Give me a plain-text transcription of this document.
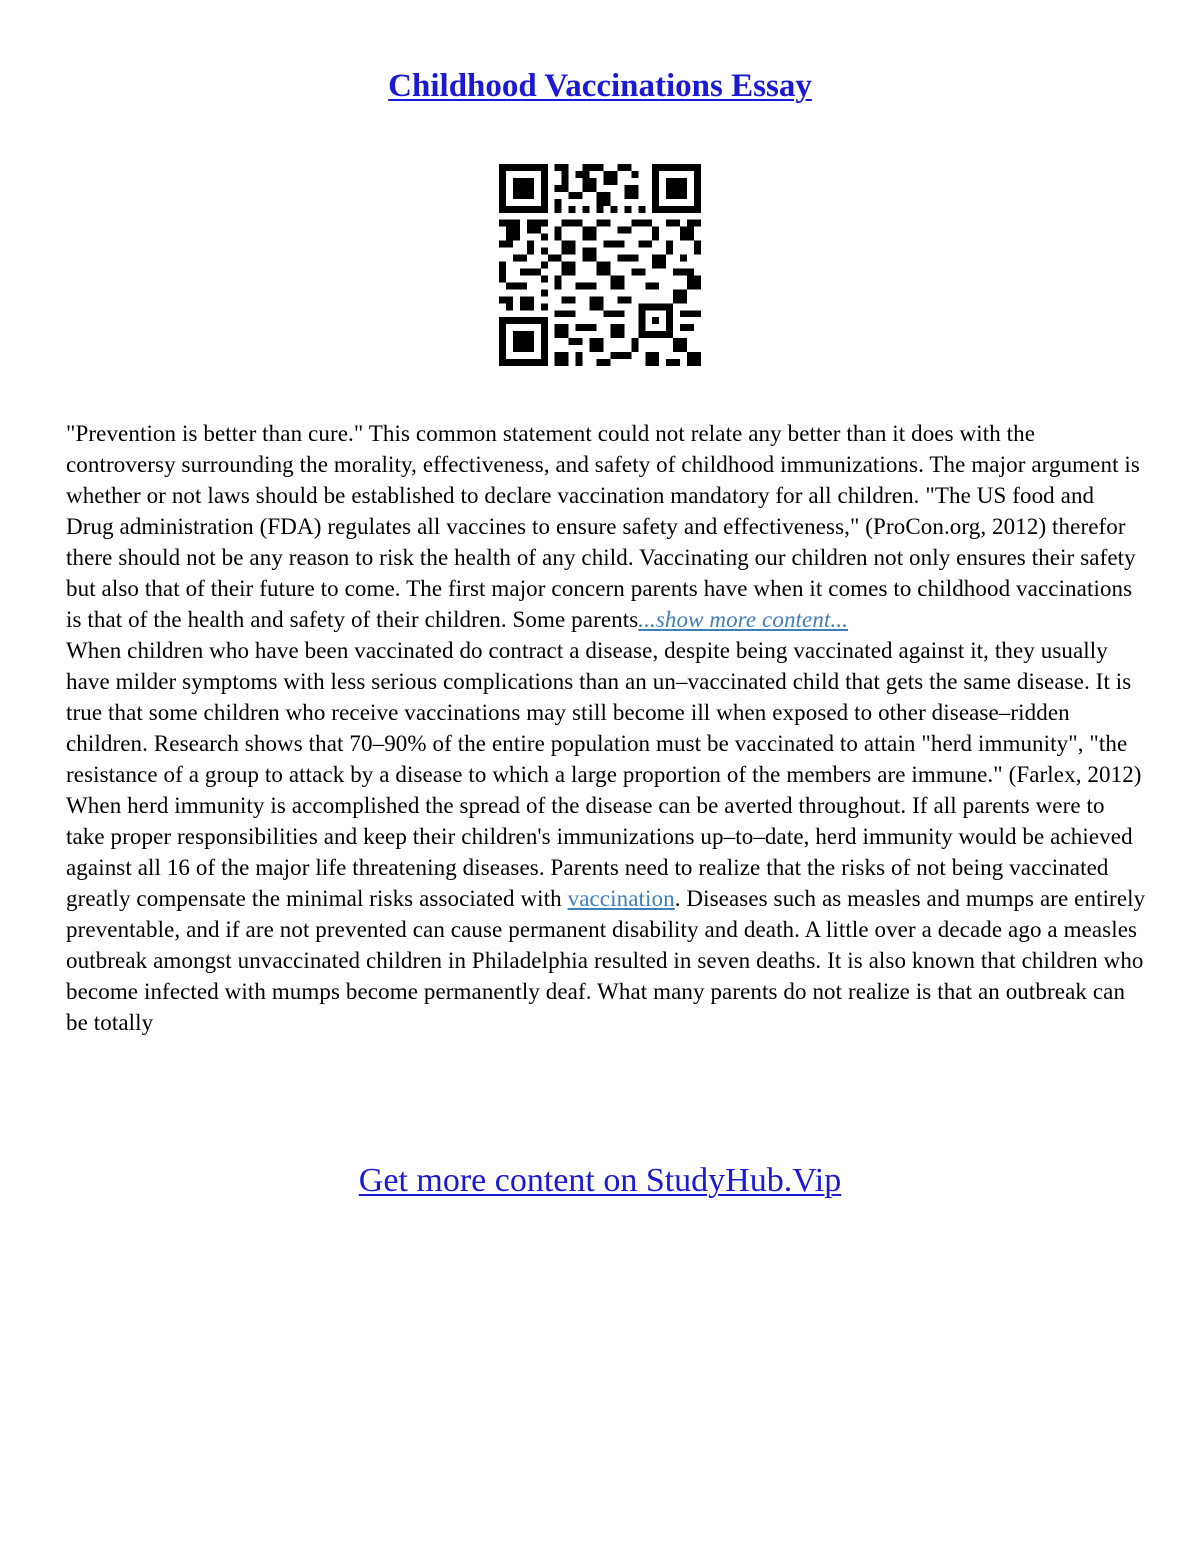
Childhood Vaccinations Essay

"Prevention is better than cure." This common statement could not relate any better than it does with the controversy surrounding the morality, effectiveness, and safety of childhood immunizations. The major argument is whether or not laws should be established to declare vaccination mandatory for all children. "The US food and Drug administration (FDA) regulates all vaccines to ensure safety and effectiveness," (ProCon.org, 2012) therefor there should not be any reason to risk the health of any child. Vaccinating our children not only ensures their safety but also that of their future to come. The first major concern parents have when it comes to childhood vaccinations is that of the health and safety of their children. Some parents...show more content...

When children who have been vaccinated do contract a disease, despite being vaccinated against it, they usually have milder symptoms with less serious complications than an un–vaccinated child that gets the same disease. It is true that some children who receive vaccinations may still become ill when exposed to other disease–ridden children. Research shows that 70–90% of the entire population must be vaccinated to attain "herd immunity", "the resistance of a group to attack by a disease to which a large proportion of the members are immune." (Farlex, 2012) When herd immunity is accomplished the spread of the disease can be averted throughout. If all parents were to take proper responsibilities and keep their children's immunizations up–to–date, herd immunity would be achieved against all 16 of the major life threatening diseases. Parents need to realize that the risks of not being vaccinated greatly compensate the minimal risks associated with vaccination. Diseases such as measles and mumps are entirely preventable, and if are not prevented can cause permanent disability and death. A little over a decade ago a measles outbreak amongst unvaccinated children in Philadelphia resulted in seven deaths. It is also known that children who become infected with mumps become permanently deaf. What many parents do not realize is that an outbreak can be totally

Get more content on StudyHub.Vip
